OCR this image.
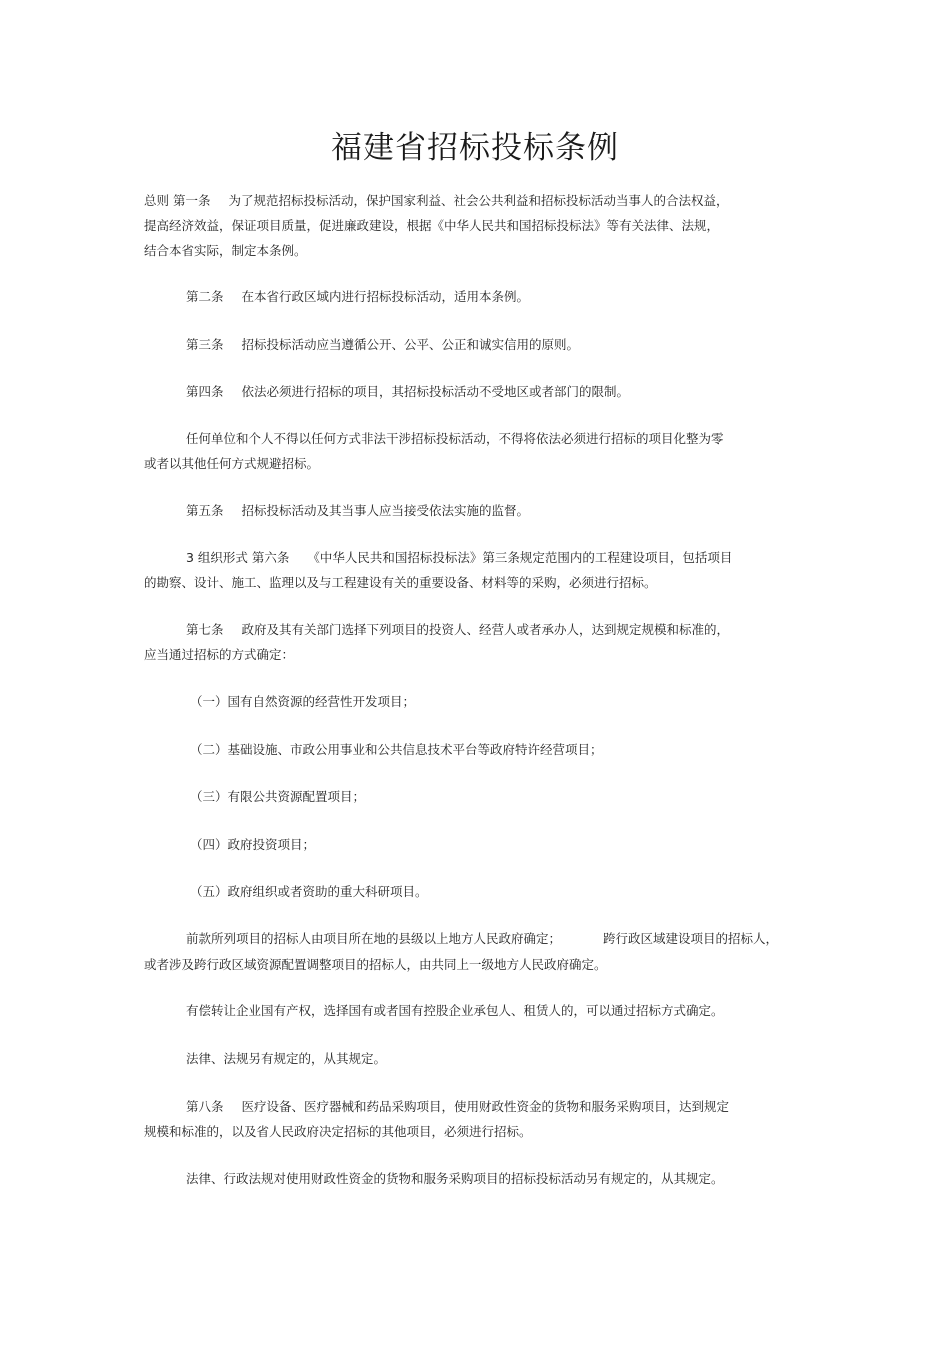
福建省招标投标条例
总则 第一条 为了规范招标投标活动，保护国家利益、社会公共利益和招标投标活动当事人的合法权益，
提高经济效益，保证项目质量，促进廉政建设，根据《中华人民共和国招标投标法》等有关法律、法规，
结合本省实际，制定本条例。
第二条 在本省行政区域内进行招标投标活动，适用本条例。
第三条 招标投标活动应当遵循公开、公平、公正和诚实信用的原则。
第四条 依法必须进行招标的项目，其招标投标活动不受地区或者部门的限制。
任何单位和个人不得以任何方式非法干涉招标投标活动，不得将依法必须进行招标的项目化整为零
或者以其他任何方式规避招标。
第五条 招标投标活动及其当事人应当接受依法实施的监督。
3 组织形式 第六条 《中华人民共和国招标投标法》第三条规定范围内的工程建设项目，包括项目
的勘察、设计、施工、监理以及与工程建设有关的重要设备、材料等的采购，必须进行招标。
第七条 政府及其有关部门选择下列项目的投资人、经营人或者承办人，达到规定规模和标准的，
应当通过招标的方式确定：
（一）国有自然资源的经营性开发项目；
（二）基础设施、市政公用事业和公共信息技术平台等政府特许经营项目；
（三）有限公共资源配置项目；
（四）政府投资项目；
（五）政府组织或者资助的重大科研项目。
前款所列项目的招标人由项目所在地的县级以上地方人民政府确定；	跨行政区域建设项目的招标人，
或者涉及跨行政区域资源配置调整项目的招标人，由共同上一级地方人民政府确定。
有偿转让企业国有产权，选择国有或者国有控股企业承包人、租赁人的，可以通过招标方式确定。
法律、法规另有规定的，从其规定。
第八条 医疗设备、医疗器械和药品采购项目，使用财政性资金的货物和服务采购项目，达到规定
规模和标准的，以及省人民政府决定招标的其他项目，必须进行招标。
法律、行政法规对使用财政性资金的货物和服务采购项目的招标投标活动另有规定的，从其规定。
